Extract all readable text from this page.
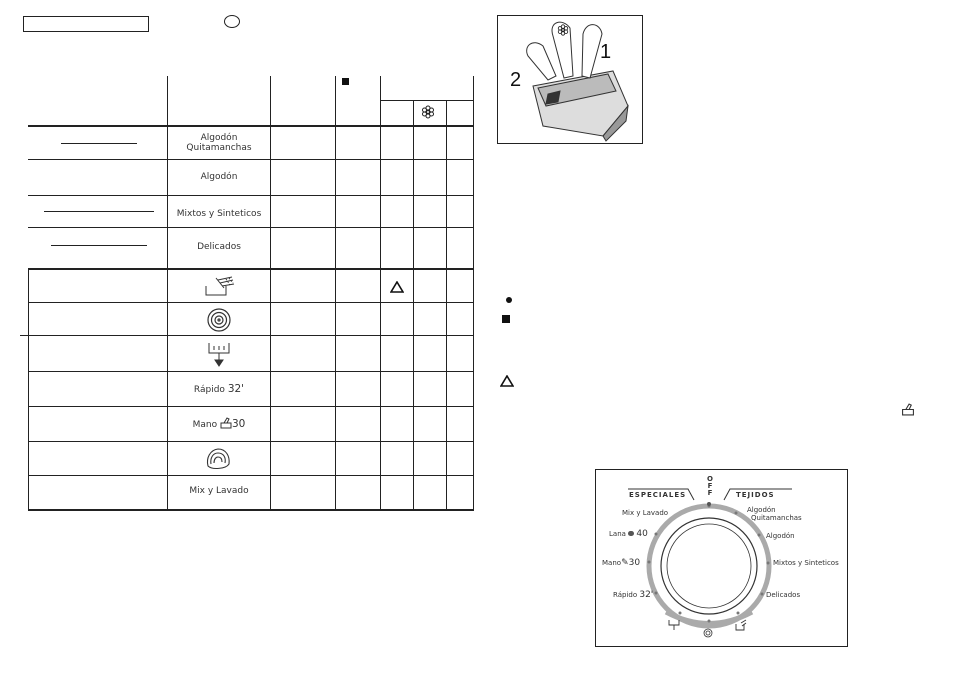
Algodón
Quitamanchas
Algodón
Mixtos y Sinteticos
Delicados
Rápido 32'
Mano 30
Mix y Lavado
1
2
O
F
F
ESPECIALES	TEJIDOS
Mix y Lavado
Lana 40
Mano✎30
Rápido 32'
Algodón
Quitamanchas
Algodón
Mixtos y Sinteticos
Delicados
